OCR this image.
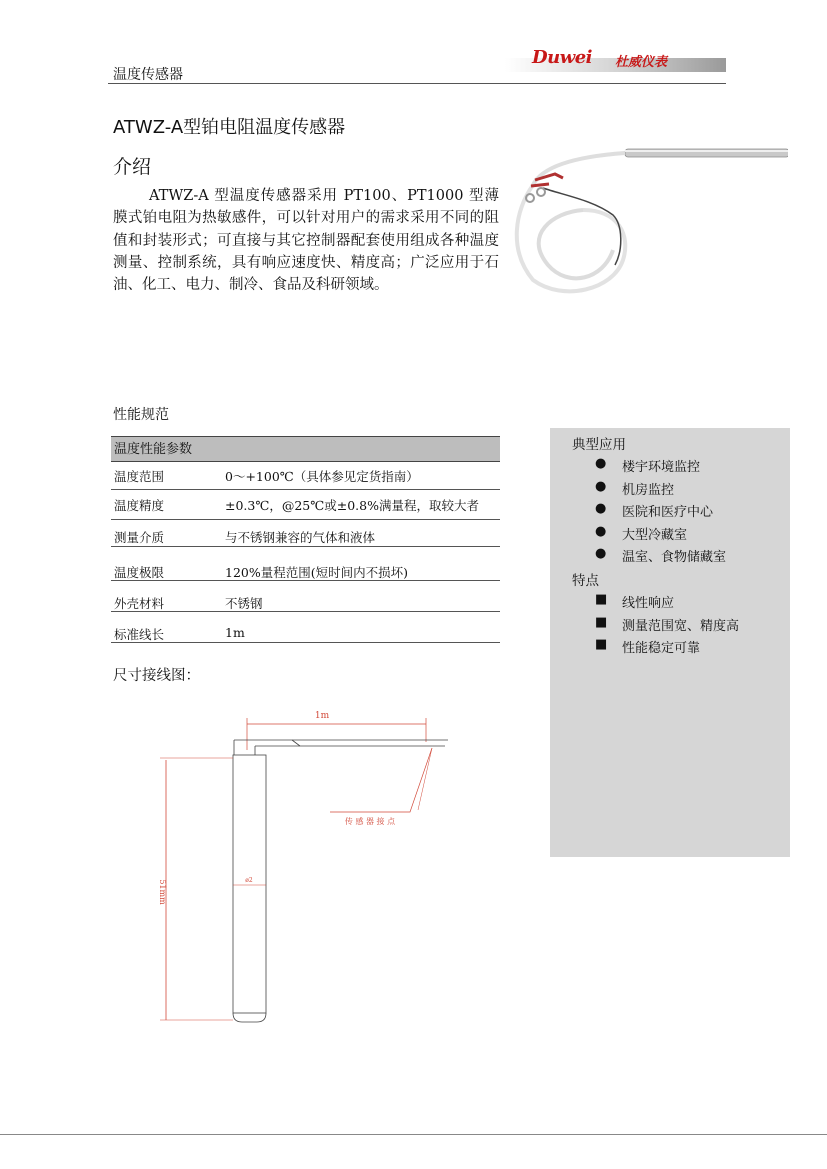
温度传感器
Duwei 杜威仪表
ATWZ-A型铂电阻温度传感器
介绍
ATWZ-A 型温度传感器采用 PT100、PT1000 型薄膜式铂电阻为热敏感件，可以针对用户的需求采用不同的阻值和封装形式；可直接与其它控制器配套使用组成各种温度测量、控制系统，具有响应速度快、精度高；广泛应用于石油、化工、电力、制冷、食品及科研领域。
性能规范
温度性能参数
温度范围	0～+100℃（具体参见定货指南）
温度精度	±0.3℃，@25℃或±0.8%满量程，取较大者
测量介质	与不锈钢兼容的气体和液体
温度极限	120%量程范围(短时间内不损坏)
外壳材料	不锈钢
标准线长	1m
典型应用
● 楼宇环境监控
● 机房监控
● 医院和医疗中心
● 大型冷藏室
● 温室、食物储藏室
特点
■ 线性响应
■ 测量范围宽、精度高
■ 性能稳定可靠
尺寸接线图：
1m
ø2
51mm
传 感 器 接 点
